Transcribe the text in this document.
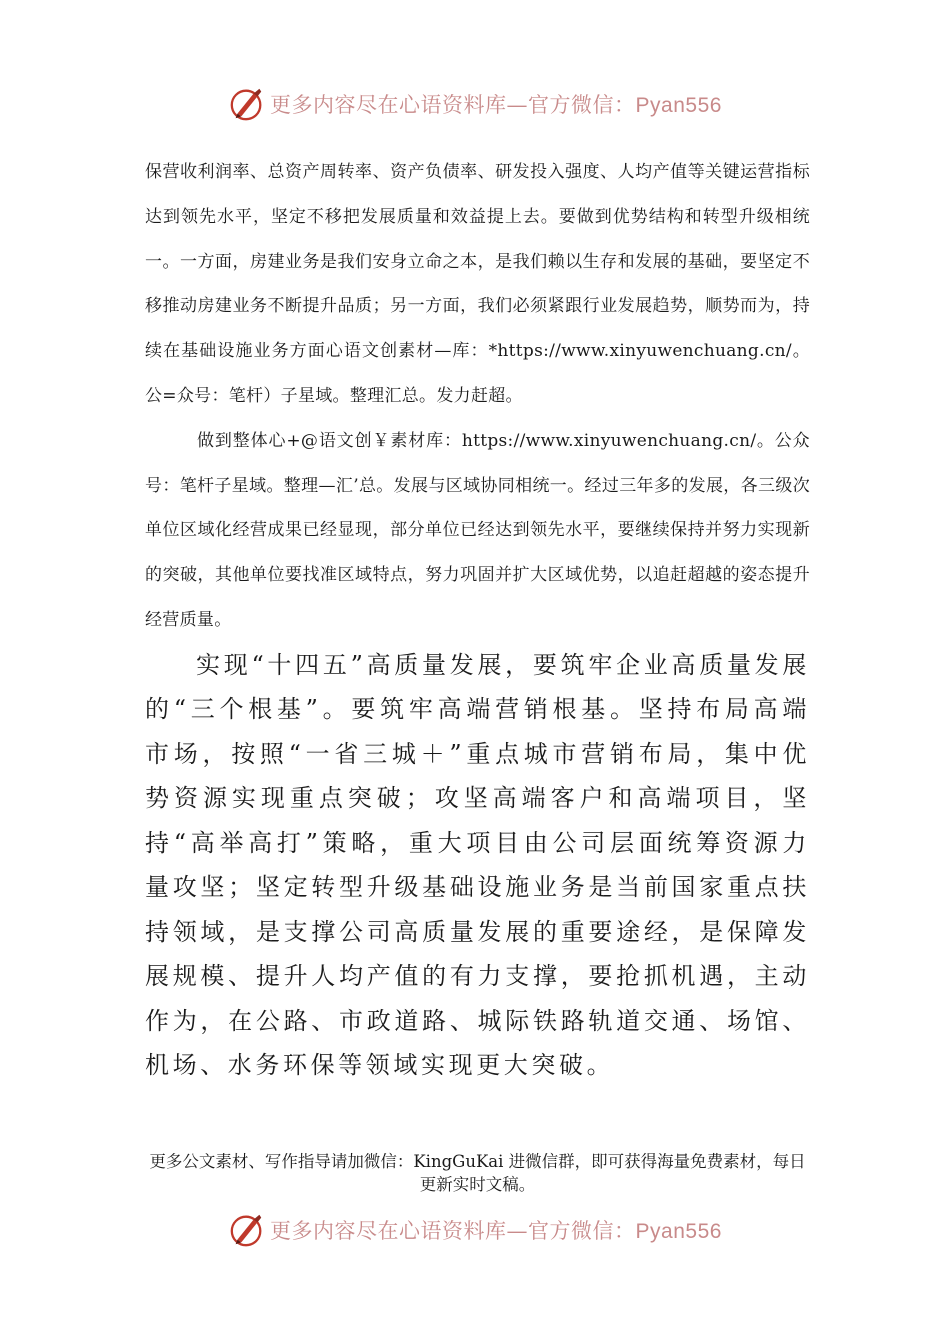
更多内容尽在心语资料库—官方微信：Pyan556

保营收利润率、总资产周转率、资产负债率、研发投入强度、人均产值等关键运营指标达到领先水平，坚定不移把发展质量和效益提上去。要做到优势结构和转型升级相统一。一方面，房建业务是我们安身立命之本，是我们赖以生存和发展的基础，要坚定不移推动房建业务不断提升品质；另一方面，我们必须紧跟行业发展趋势，顺势而为，持续在基础设施业务方面心语文创素材—库：*https://www.xinyuwenchuang.cn/。公=众号：笔杆）子星域。整理汇总。发力赶超。

做到整体心+@语文创￥素材库：https://www.xinyuwenchuang.cn/。公众号：笔杆子星域。整理—汇’总。发展与区域协同相统一。经过三年多的发展，各三级次单位区域化经营成果已经显现，部分单位已经达到领先水平，要继续保持并努力实现新的突破，其他单位要找准区域特点，努力巩固并扩大区域优势，以追赶超越的姿态提升经营质量。

实现“十四五”高质量发展，要筑牢企业高质量发展的“三个根基”。要筑牢高端营销根基。坚持布局高端市场，按照“一省三城＋”重点城市营销布局，集中优势资源实现重点突破；攻坚高端客户和高端项目，坚持“高举高打”策略，重大项目由公司层面统筹资源力量攻坚；坚定转型升级基础设施业务是当前国家重点扶持领域，是支撑公司高质量发展的重要途经，是保障发展规模、提升人均产值的有力支撑，要抢抓机遇，主动作为，在公路、市政道路、城际铁路轨道交通、场馆、机场、水务环保等领域实现更大突破。

更多公文素材、写作指导请加微信：KingGuKai 进微信群，即可获得海量免费素材，每日更新实时文稿。
更多内容尽在心语资料库—官方微信：Pyan556
